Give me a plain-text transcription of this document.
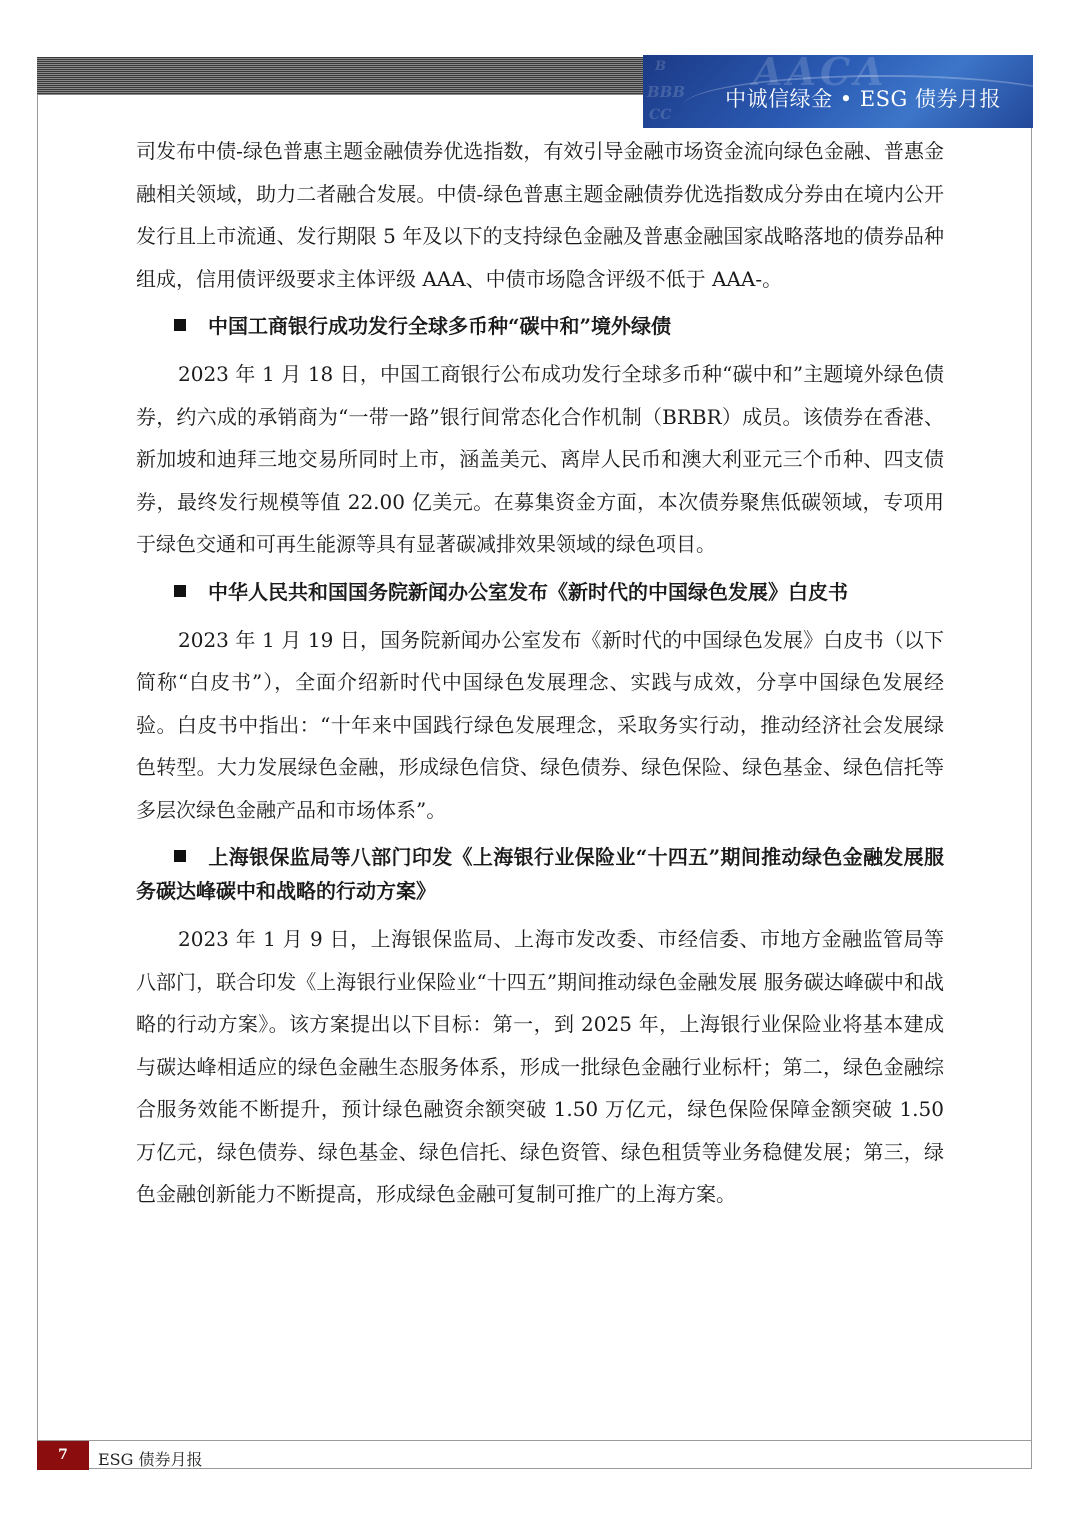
AACA
B
BBB
CC
中诚信绿金 • ESG 债券月报

司发布中债-绿色普惠主题金融债券优选指数，有效引导金融市场资金流向绿色金融、普惠金融相关领域，助力二者融合发展。中债-绿色普惠主题金融债券优选指数成分券由在境内公开发行且上市流通、发行期限 5 年及以下的支持绿色金融及普惠金融国家战略落地的债券品种组成，信用债评级要求主体评级 AAA、中债市场隐含评级不低于 AAA-。

中国工商银行成功发行全球多币种“碳中和”境外绿债

2023 年 1 月 18 日，中国工商银行公布成功发行全球多币种“碳中和”主题境外绿色债券，约六成的承销商为“一带一路”银行间常态化合作机制（BRBR）成员。该债券在香港、新加坡和迪拜三地交易所同时上市，涵盖美元、离岸人民币和澳大利亚元三个币种、四支债券，最终发行规模等值 22.00 亿美元。在募集资金方面，本次债券聚焦低碳领域，专项用于绿色交通和可再生能源等具有显著碳减排效果领域的绿色项目。

中华人民共和国国务院新闻办公室发布《新时代的中国绿色发展》白皮书

2023 年 1 月 19 日，国务院新闻办公室发布《新时代的中国绿色发展》白皮书（以下简称“白皮书”），全面介绍新时代中国绿色发展理念、实践与成效，分享中国绿色发展经验。白皮书中指出：“十年来中国践行绿色发展理念，采取务实行动，推动经济社会发展绿色转型。大力发展绿色金融，形成绿色信贷、绿色债券、绿色保险、绿色基金、绿色信托等多层次绿色金融产品和市场体系”。

上海银保监局等八部门印发《上海银行业保险业“十四五”期间推动绿色金融发展服务碳达峰碳中和战略的行动方案》

2023 年 1 月 9 日，上海银保监局、上海市发改委、市经信委、市地方金融监管局等八部门，联合印发《上海银行业保险业“十四五”期间推动绿色金融发展 服务碳达峰碳中和战略的行动方案》。该方案提出以下目标：第一，到 2025 年，上海银行业保险业将基本建成与碳达峰相适应的绿色金融生态服务体系，形成一批绿色金融行业标杆；第二，绿色金融综合服务效能不断提升，预计绿色融资余额突破 1.50 万亿元，绿色保险保障金额突破 1.50 万亿元，绿色债券、绿色基金、绿色信托、绿色资管、绿色租赁等业务稳健发展；第三，绿色金融创新能力不断提高，形成绿色金融可复制可推广的上海方案。

7	ESG 债券月报
